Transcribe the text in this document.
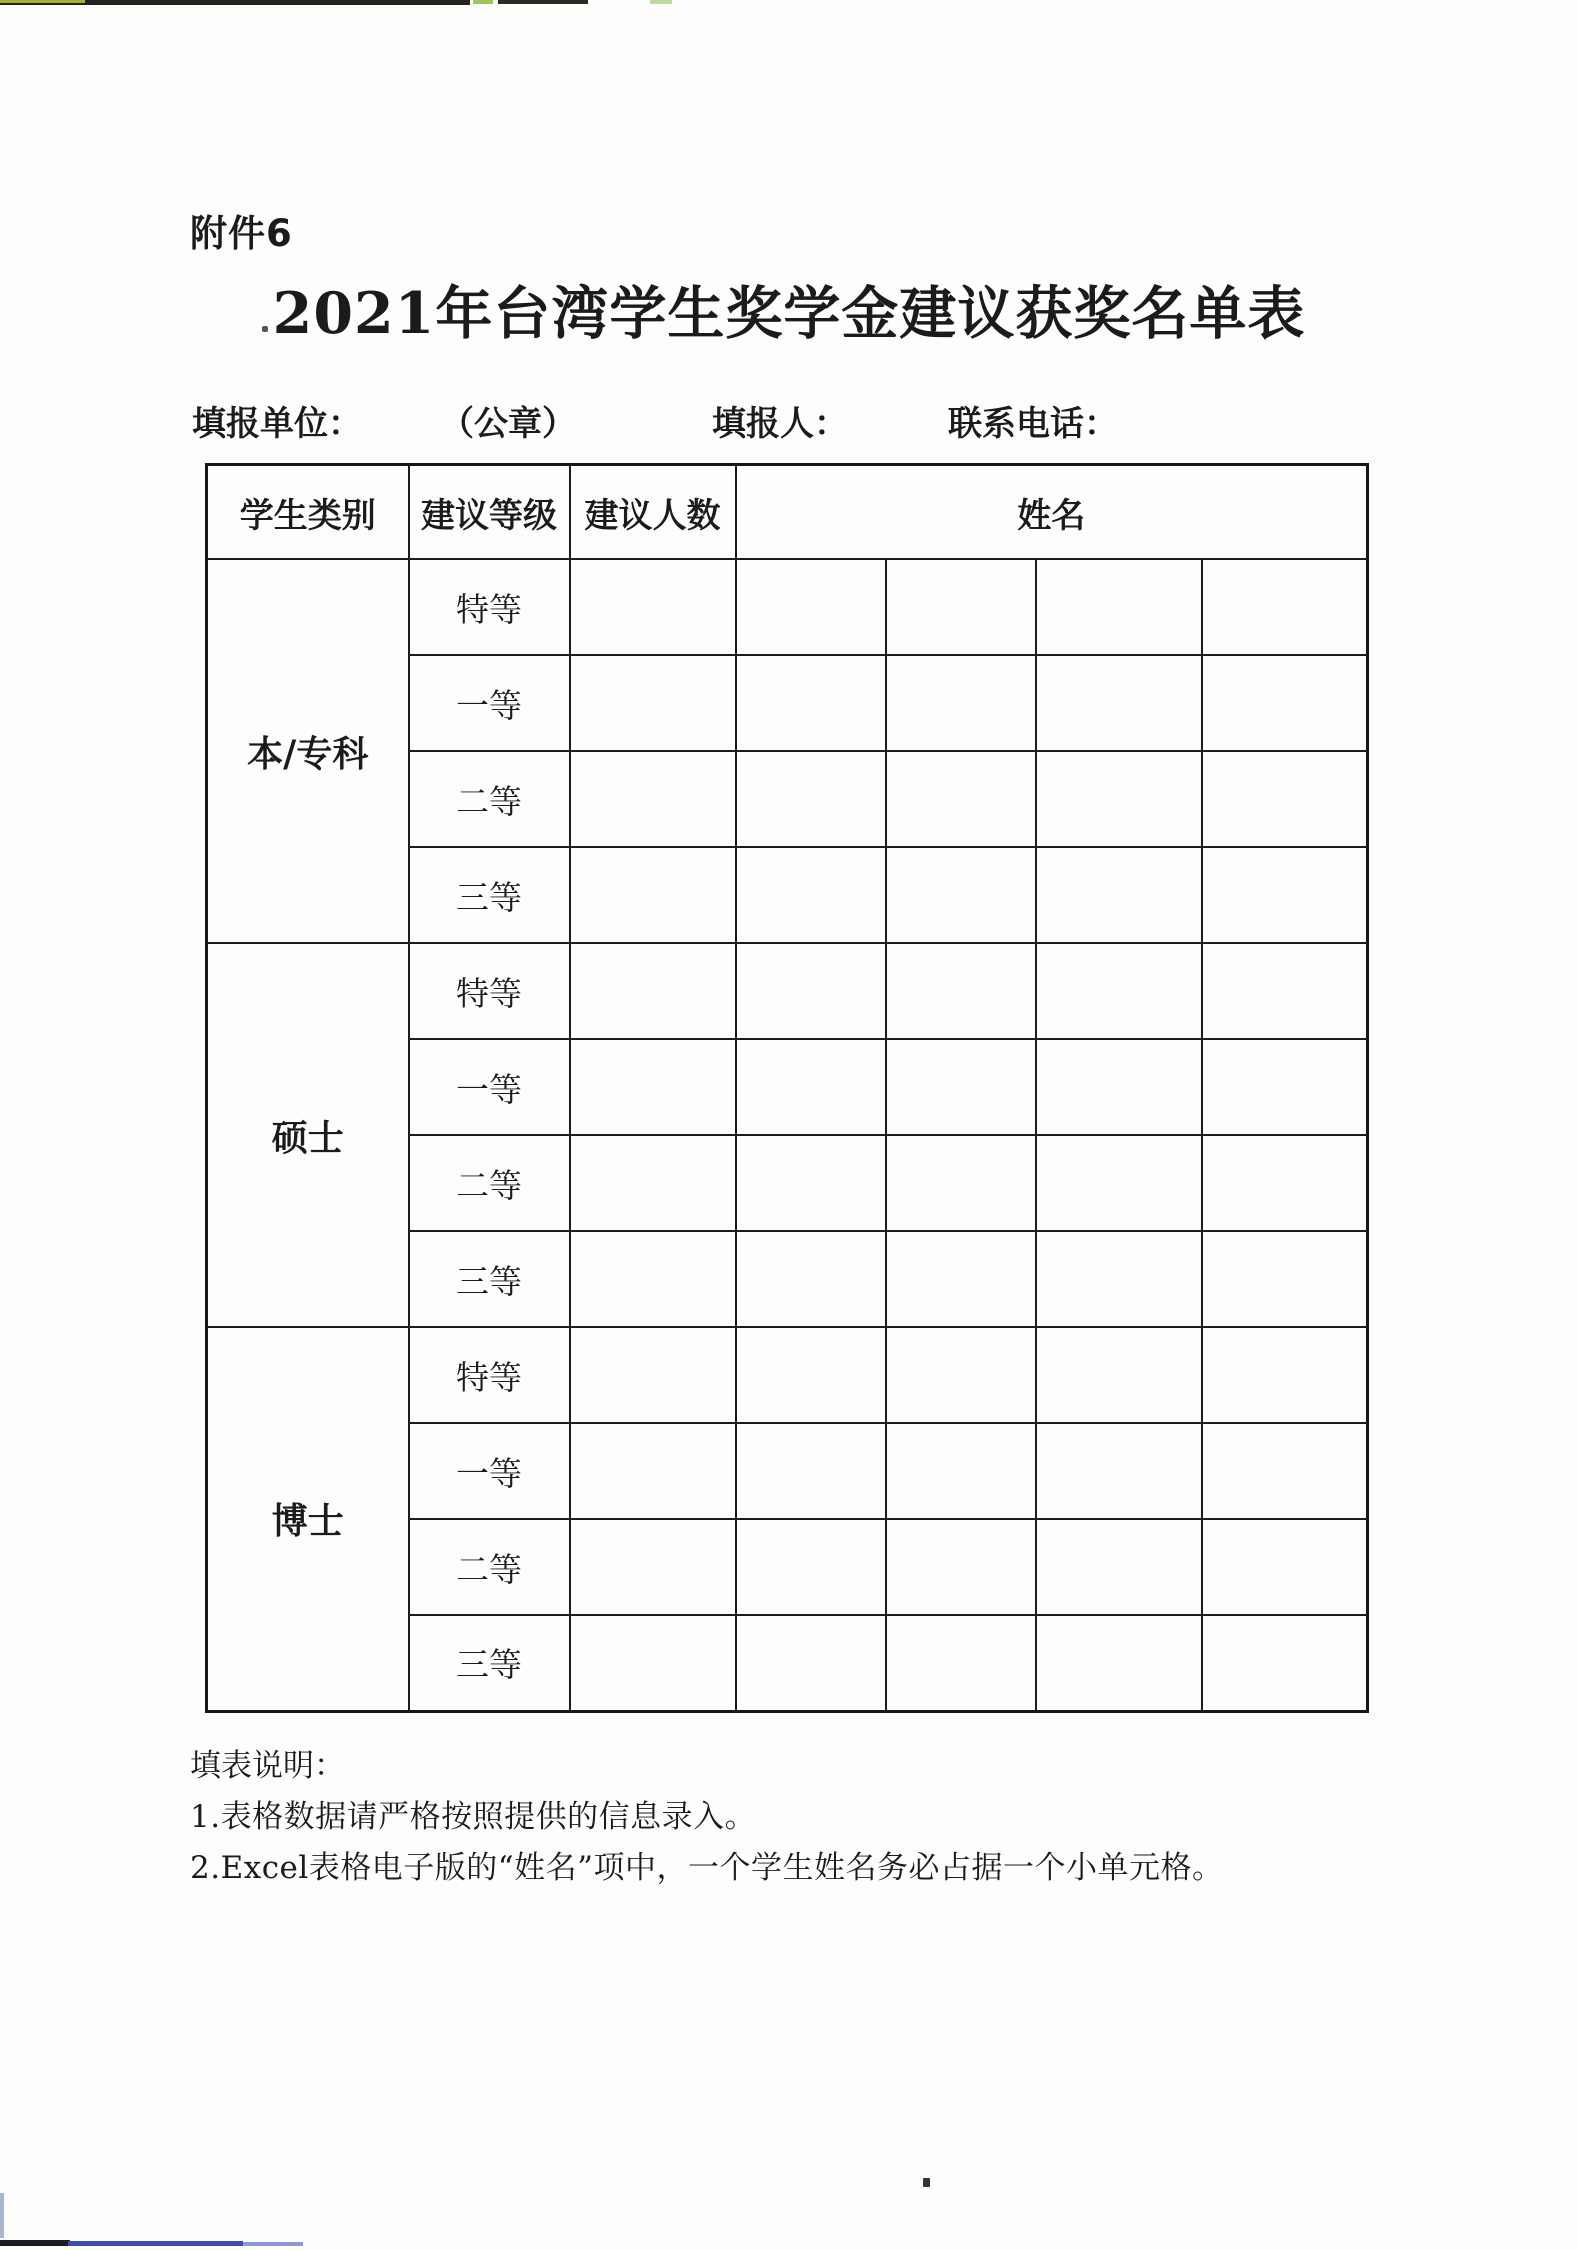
附件6
2021年台湾学生奖学金建议获奖名单表
填报单位： （公章）	填报人：	联系电话：
学生类别	建议等级	建议人数	姓名			
本/专科	特等					
	一等					
	二等					
	三等					
硕士	特等					
	一等					
	二等					
	三等					
博士	特等					
	一等					
	二等					
	三等					

填表说明：

1.表格数据请严格按照提供的信息录入。

2.Excel表格电子版的“姓名”项中，一个学生姓名务必占据一个小单元格。
